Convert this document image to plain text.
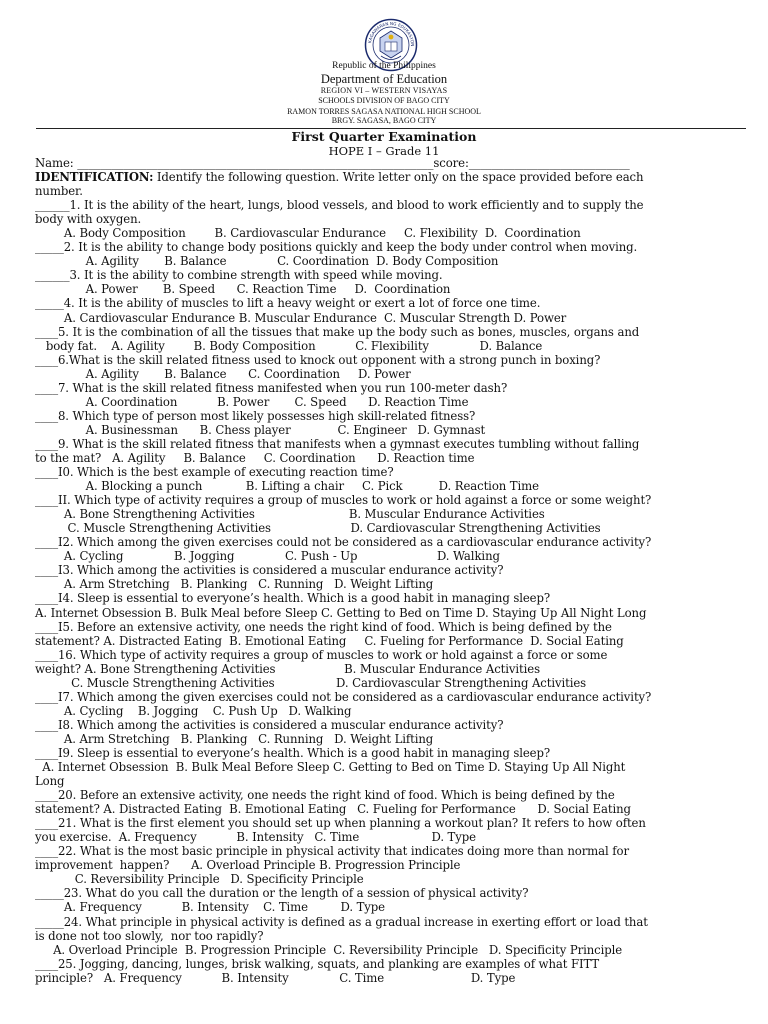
KAGAWARAN NG EDUKASYON
Republic of the Philippines
Department of Education
REGION VI – WESTERN VISAYAS
SCHOOLS DIVISION OF BAGO CITY
RAMON TORRES SAGASA NATIONAL HIGH SCHOOL
BRGY. SAGASA, BAGO CITY
First Quarter Examination
HOPE I – Grade 11
Name: ______________________________________________________________score:____________________________
IDENTIFICATION: Identify the following question. Write letter only on the space provided before each
number.
______1. It is the ability of the heart, lungs, blood vessels, and blood to work efficiently and to supply the
body with oxygen.
A. Body Composition        B. Cardiovascular Endurance     C. Flexibility  D.  Coordination
_____2. It is the ability to change body positions quickly and keep the body under control when moving.
A. Agility       B. Balance              C. Coordination  D. Body Composition
______3. It is the ability to combine strength with speed while moving.
A. Power       B. Speed      C. Reaction Time     D.  Coordination
_____4. It is the ability of muscles to lift a heavy weight or exert a lot of force one time.
A. Cardiovascular Endurance B. Muscular Endurance  C. Muscular Strength D. Power
____5. It is the combination of all the tissues that make up the body such as bones, muscles, organs and
body fat.    A. Agility        B. Body Composition           C. Flexibility              D. Balance
____6.What is the skill related fitness used to knock out opponent with a strong punch in boxing?
A. Agility       B. Balance      C. Coordination     D. Power
____7. What is the skill related fitness manifested when you run 100-meter dash?
A. Coordination           B. Power       C. Speed      D. Reaction Time
____8. Which type of person most likely possesses high skill-related fitness?
A. Businessman      B. Chess player             C. Engineer   D. Gymnast
____9. What is the skill related fitness that manifests when a gymnast executes tumbling without falling
to the mat?   A. Agility     B. Balance     C. Coordination      D. Reaction time
____I0. Which is the best example of executing reaction time?
A. Blocking a punch            B. Lifting a chair     C. Pick          D. Reaction Time
____II. Which type of activity requires a group of muscles to work or hold against a force or some weight?
A. Bone Strengthening Activities                          B. Muscular Endurance Activities
C. Muscle Strengthening Activities                      D. Cardiovascular Strengthening Activities
____I2. Which among the given exercises could not be considered as a cardiovascular endurance activity?
A. Cycling              B. Jogging              C. Push - Up                      D. Walking
____I3. Which among the activities is considered a muscular endurance activity?
A. Arm Stretching   B. Planking   C. Running   D. Weight Lifting
____I4. Sleep is essential to everyone’s health. Which is a good habit in managing sleep?
A. Internet Obsession B. Bulk Meal before Sleep C. Getting to Bed on Time D. Staying Up All Night Long
____I5. Before an extensive activity, one needs the right kind of food. Which is being defined by the
statement? A. Distracted Eating  B. Emotional Eating     C. Fueling for Performance  D. Social Eating
____16. Which type of activity requires a group of muscles to work or hold against a force or some
weight? A. Bone Strengthening Activities                   B. Muscular Endurance Activities
C. Muscle Strengthening Activities                 D. Cardiovascular Strengthening Activities
____I7. Which among the given exercises could not be considered as a cardiovascular endurance activity?
A. Cycling    B. Jogging    C. Push Up   D. Walking
____I8. Which among the activities is considered a muscular endurance activity?
A. Arm Stretching   B. Planking   C. Running   D. Weight Lifting
____I9. Sleep is essential to everyone’s health. Which is a good habit in managing sleep?
A. Internet Obsession  B. Bulk Meal Before Sleep C. Getting to Bed on Time D. Staying Up All Night
Long
____20. Before an extensive activity, one needs the right kind of food. Which is being defined by the
statement? A. Distracted Eating  B. Emotional Eating   C. Fueling for Performance      D. Social Eating
____21. What is the first element you should set up when planning a workout plan? It refers to how often
you exercise.  A. Frequency           B. Intensity   C. Time                    D. Type
____22. What is the most basic principle in physical activity that indicates doing more than normal for
improvement  happen?      A. Overload Principle B. Progression Principle
C. Reversibility Principle   D. Specificity Principle
_____23. What do you call the duration or the length of a session of physical activity?
A. Frequency           B. Intensity    C. Time         D. Type
_____24. What principle in physical activity is defined as a gradual increase in exerting effort or load that
is done not too slowly,  nor too rapidly?
A. Overload Principle  B. Progression Principle  C. Reversibility Principle   D. Specificity Principle
____25. Jogging, dancing, lunges, brisk walking, squats, and planking are examples of what FITT
principle?   A. Frequency           B. Intensity              C. Time                        D. Type
